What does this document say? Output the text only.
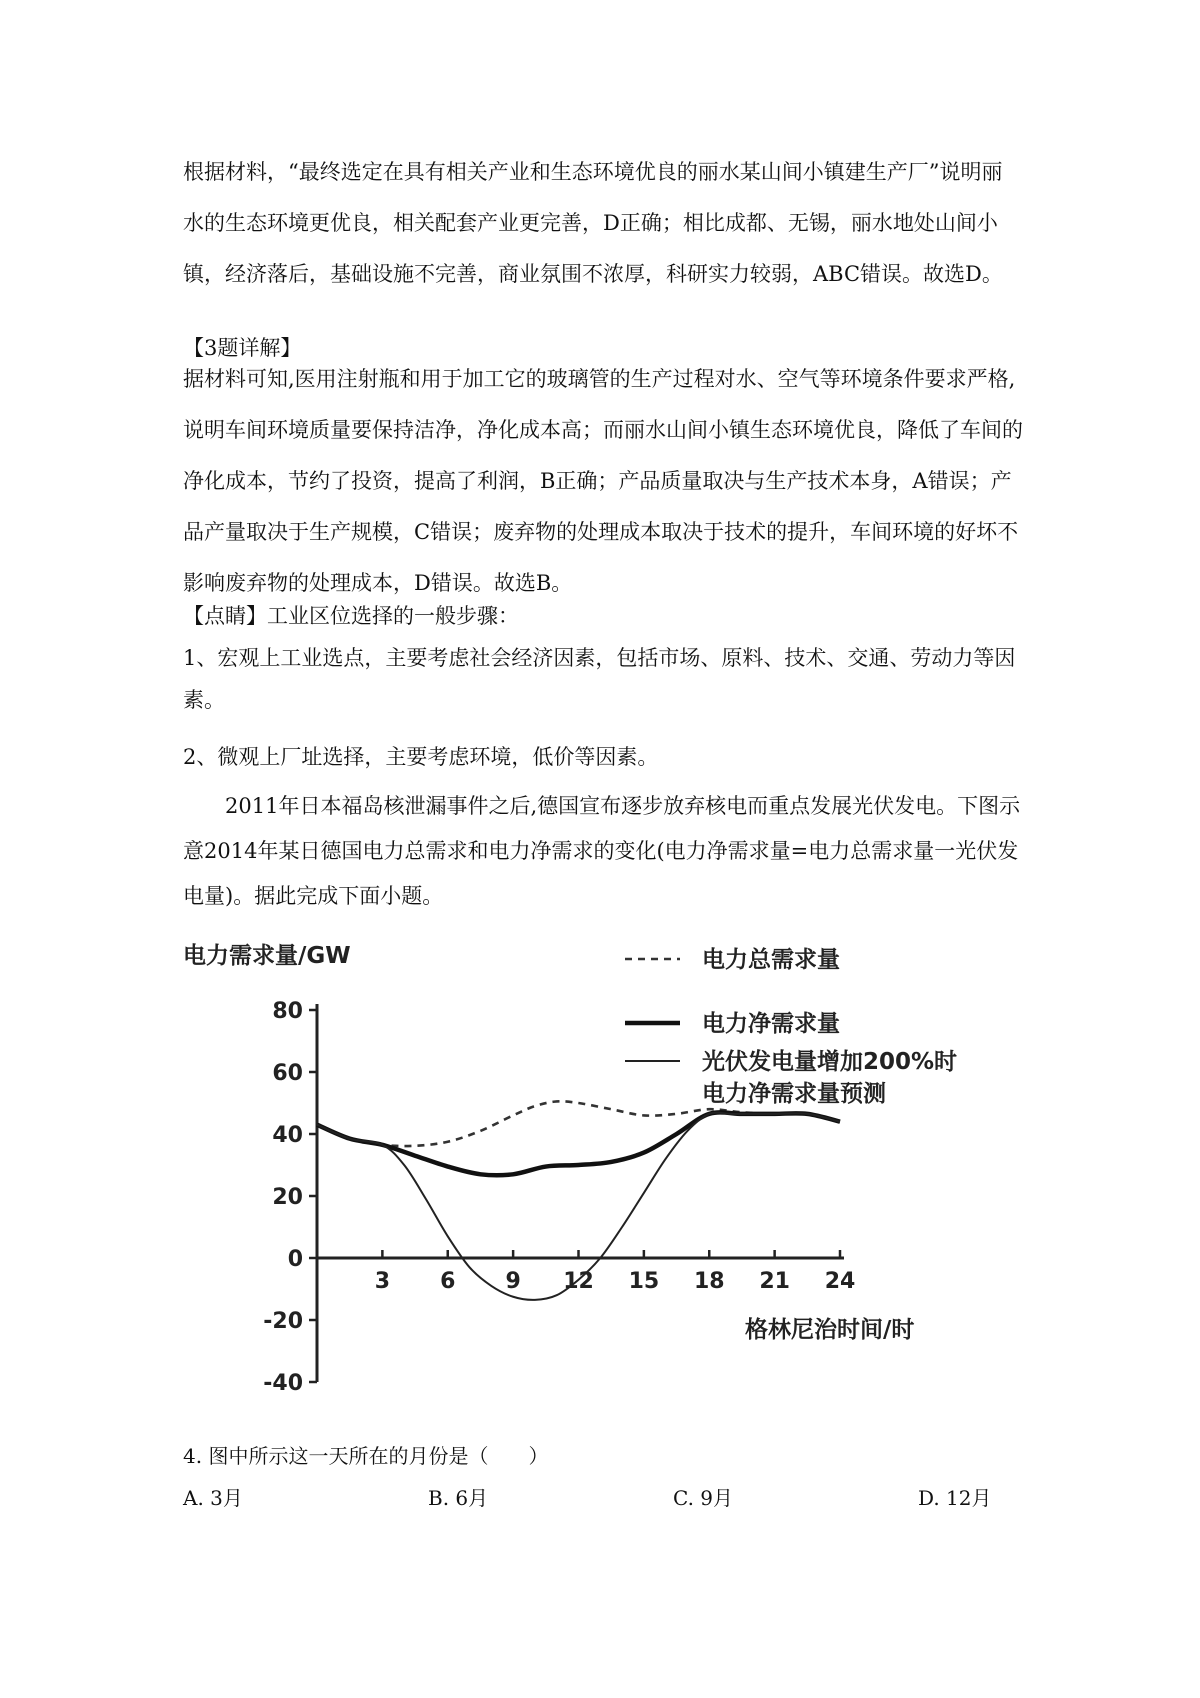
根据材料，“最终选定在具有相关产业和生态环境优良的丽水某山间小镇建生产厂”说明丽水的生态环境更优良，相关配套产业更完善，D正确；相比成都、无锡，丽水地处山间小镇，经济落后，基础设施不完善，商业氛围不浓厚，科研实力较弱，ABC错误。故选D。

【3题详解】

据材料可知,医用注射瓶和用于加工它的玻璃管的生产过程对水、空气等环境条件要求严格,说明车间环境质量要保持洁净，净化成本高；而丽水山间小镇生态环境优良，降低了车间的净化成本，节约了投资，提高了利润，B正确；产品质量取决与生产技术本身，A错误；产品产量取决于生产规模，C错误；废弃物的处理成本取决于技术的提升，车间环境的好坏不影响废弃物的处理成本，D错误。故选B。

【点睛】工业区位选择的一般步骤：

1、宏观上工业选点，主要考虑社会经济因素，包括市场、原料、技术、交通、劳动力等因素。

2、微观上厂址选择，主要考虑环境，低价等因素。

　　2011年日本福岛核泄漏事件之后,德国宣布逐步放弃核电而重点发展光伏发电。下图示意2014年某日德国电力总需求和电力净需求的变化(电力净需求量=电力总需求量一光伏发电量)。据此完成下面小题。

电力需求量/GW
格林尼治时间/时
80
60
40
20
0
-20
-40
3 6 9 12 15 18 21 24
电力总需求量
电力净需求量
光伏发电量增加200%时
电力净需求量预测

4. 图中所示这一天所在的月份是（　　）

A. 3月	B. 6月	C. 9月	D. 12月
